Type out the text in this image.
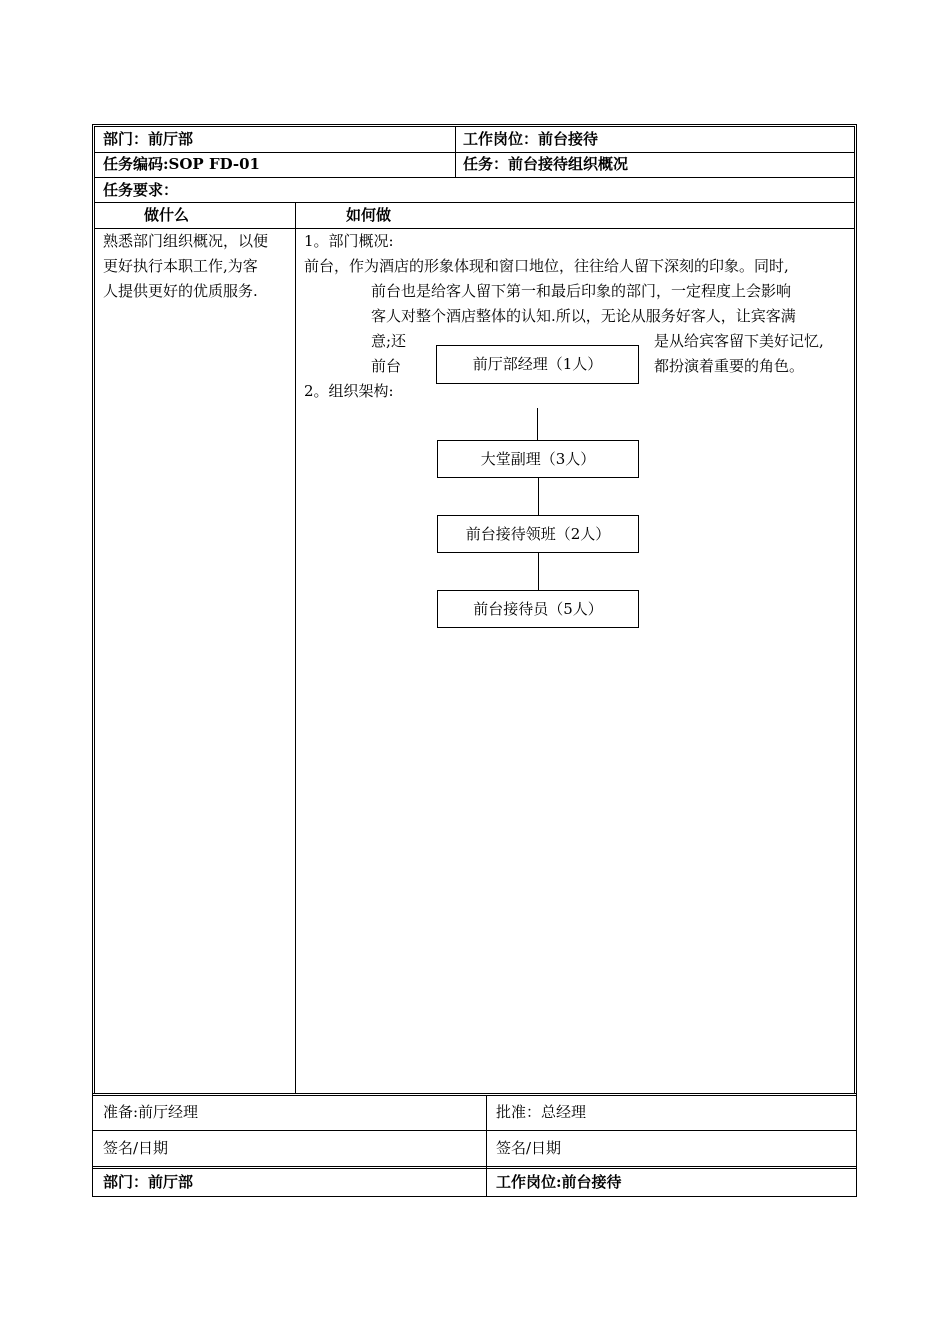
部门：前厅部	工作岗位：前台接待
任务编码:SOP FD-01	任务：前台接待组织概况
任务要求：
做什么	如何做
熟悉部门组织概况，以便
更好执行本职工作,为客
人提供更好的优质服务.
1。部门概况:
前台，作为酒店的形象体现和窗口地位，往往给人留下深刻的印象。同时,
前台也是给客人留下第一和最后印象的部门，一定程度上会影响
客人对整个酒店整体的认知.所以，无论从服务好客人，让宾客满
意;还	是从给宾客留下美好记忆,
前台	都扮演着重要的角色。
2。组织架构:
前厅部经理（1人）
大堂副理（3人）
前台接待领班（2人）
前台接待员（5人）
准备:前厅经理	批准：总经理
签名/日期	签名/日期
部门：前厅部	工作岗位:前台接待
